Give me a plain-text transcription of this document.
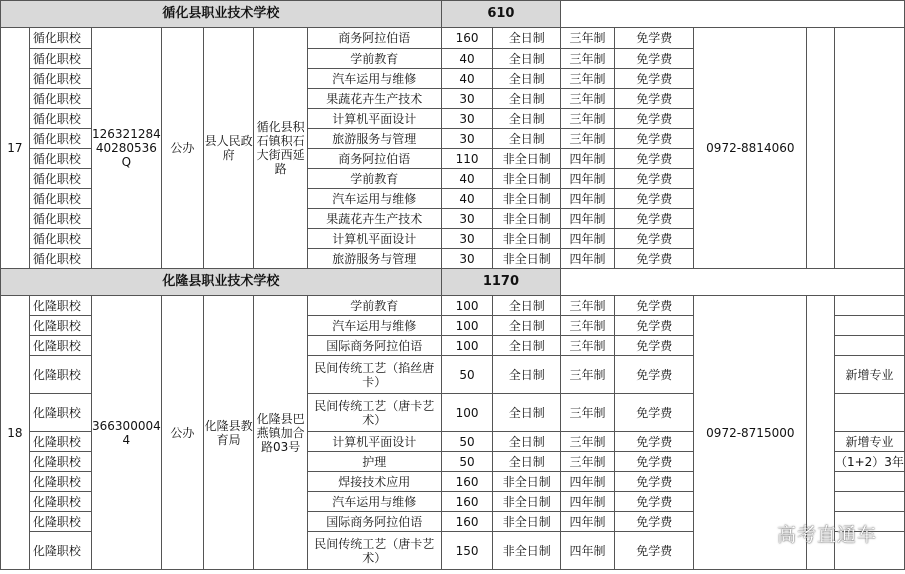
循化县职业技术学校							610						
17	循化职校	12632128440280536Q	公办	县人民政府	循化县积石镇积石大街西延路	商务阿拉伯语	160	全日制	三年制	免学费	0972-8814060		
	循化职校					学前教育	40	全日制	三年制	免学费			
	循化职校					汽车运用与维修	40	全日制	三年制	免学费			
	循化职校					果蔬花卉生产技术	30	全日制	三年制	免学费			
	循化职校					计算机平面设计	30	全日制	三年制	免学费			
	循化职校					旅游服务与管理	30	全日制	三年制	免学费			
	循化职校					商务阿拉伯语	110	非全日制	四年制	免学费			
	循化职校					学前教育	40	非全日制	四年制	免学费			
	循化职校					汽车运用与维修	40	非全日制	四年制	免学费			
	循化职校					果蔬花卉生产技术	30	非全日制	四年制	免学费			
	循化职校					计算机平面设计	30	非全日制	四年制	免学费			
	循化职校					旅游服务与管理	30	非全日制	四年制	免学费			
化隆县职业技术学校							1170						
18	化隆职校	3663000044	公办	化隆县教育局	化隆县巴燕镇加合路03号	学前教育	100	全日制	三年制	免学费	0972-8715000		
	化隆职校					汽车运用与维修	100	全日制	三年制	免学费			
	化隆职校					国际商务阿拉伯语	100	全日制	三年制	免学费			
	化隆职校					民间传统工艺（掐丝唐卡）	50	全日制	三年制	免学费			新增专业
	化隆职校					民间传统工艺（唐卡艺术）	100	全日制	三年制	免学费			
	化隆职校					计算机平面设计	50	全日制	三年制	免学费			新增专业
	化隆职校					护理	50	全日制	三年制	免学费			（1+2）3年
	化隆职校					焊接技术应用	160	非全日制	四年制	免学费			
	化隆职校					汽车运用与维修	160	非全日制	四年制	免学费			
	化隆职校					国际商务阿拉伯语	160	非全日制	四年制	免学费			
	化隆职校					民间传统工艺（唐卡艺术）	150	非全日制	四年制	免学费			
高考直通车
